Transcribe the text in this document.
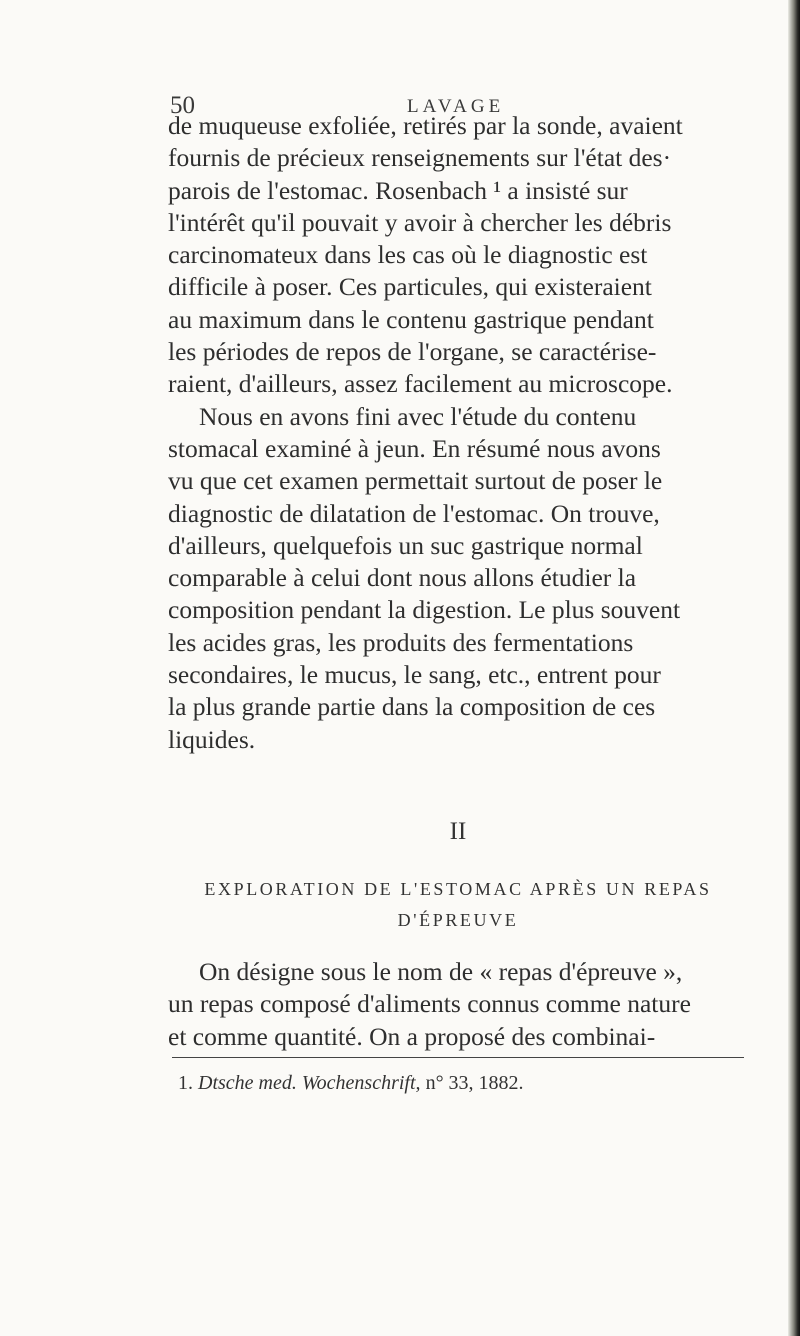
50	LAVAGE
de muqueuse exfoliée, retirés par la sonde, avaient
fournis de précieux renseignements sur l'état des·
parois de l'estomac. Rosenbach ¹ a insisté sur
l'intérêt qu'il pouvait y avoir à chercher les débris
carcinomateux dans les cas où le diagnostic est
difficile à poser. Ces particules, qui existeraient
au maximum dans le contenu gastrique pendant
les périodes de repos de l'organe, se caractérise-
raient, d'ailleurs, assez facilement au microscope.
Nous en avons fini avec l'étude du contenu
stomacal examiné à jeun. En résumé nous avons
vu que cet examen permettait surtout de poser le
diagnostic de dilatation de l'estomac. On trouve,
d'ailleurs, quelquefois un suc gastrique normal
comparable à celui dont nous allons étudier la
composition pendant la digestion. Le plus souvent
les acides gras, les produits des fermentations
secondaires, le mucus, le sang, etc., entrent pour
la plus grande partie dans la composition de ces
liquides.
II
EXPLORATION DE L'ESTOMAC APRÈS UN REPAS
D'ÉPREUVE
On désigne sous le nom de « repas d'épreuve »,
un repas composé d'aliments connus comme nature
et comme quantité. On a proposé des combinai-
1. Dtsche med. Wochenschrift, n° 33, 1882.
